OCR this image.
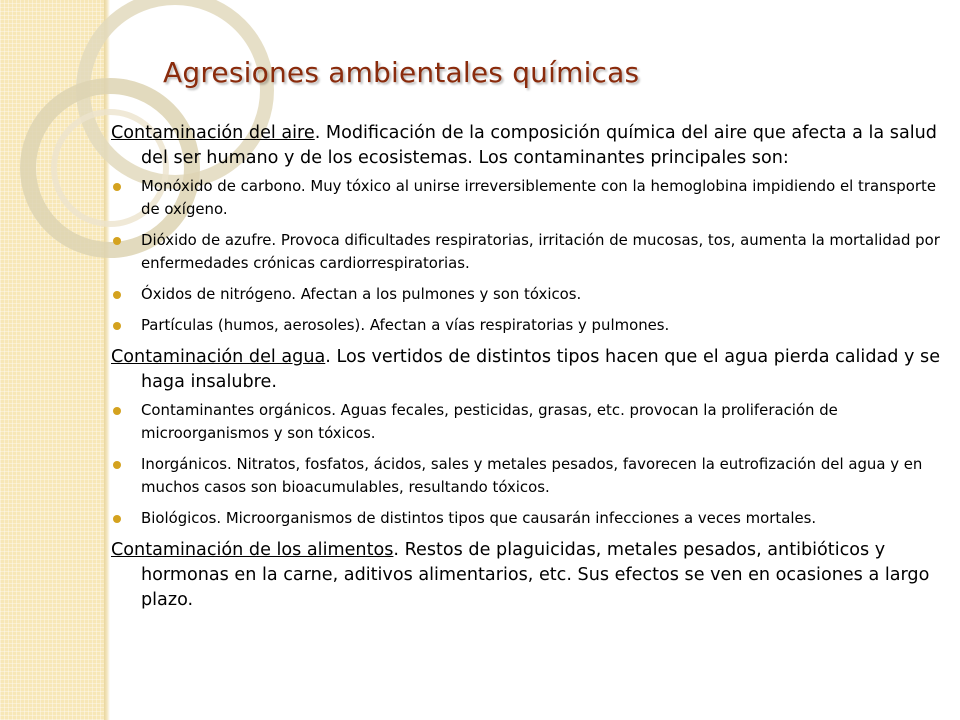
Agresiones ambientales químicas

Contaminación del aire. Modificación de la composición química del aire que afecta a la salud del ser humano y de los ecosistemas. Los contaminantes principales son:

Monóxido de carbono. Muy tóxico al unirse irreversiblemente con la hemoglobina impidiendo el transporte de oxígeno.
Dióxido de azufre. Provoca dificultades respiratorias, irritación de mucosas, tos, aumenta la mortalidad por enfermedades crónicas cardiorrespiratorias.
Óxidos de nitrógeno. Afectan a los pulmones y son tóxicos.
Partículas (humos, aerosoles). Afectan a vías respiratorias y pulmones.

Contaminación del agua. Los vertidos de distintos tipos hacen que el agua pierda calidad y se haga insalubre.

Contaminantes orgánicos. Aguas fecales, pesticidas, grasas, etc. provocan la proliferación de microorganismos y son tóxicos.
Inorgánicos. Nitratos, fosfatos, ácidos, sales y metales pesados, favorecen la eutrofización del agua y en muchos casos son bioacumulables, resultando tóxicos.
Biológicos. Microorganismos de distintos tipos que causarán infecciones a veces mortales.

Contaminación de los alimentos. Restos de plaguicidas, metales pesados, antibióticos y hormonas en la carne, aditivos alimentarios, etc. Sus efectos se ven en ocasiones a largo plazo.
